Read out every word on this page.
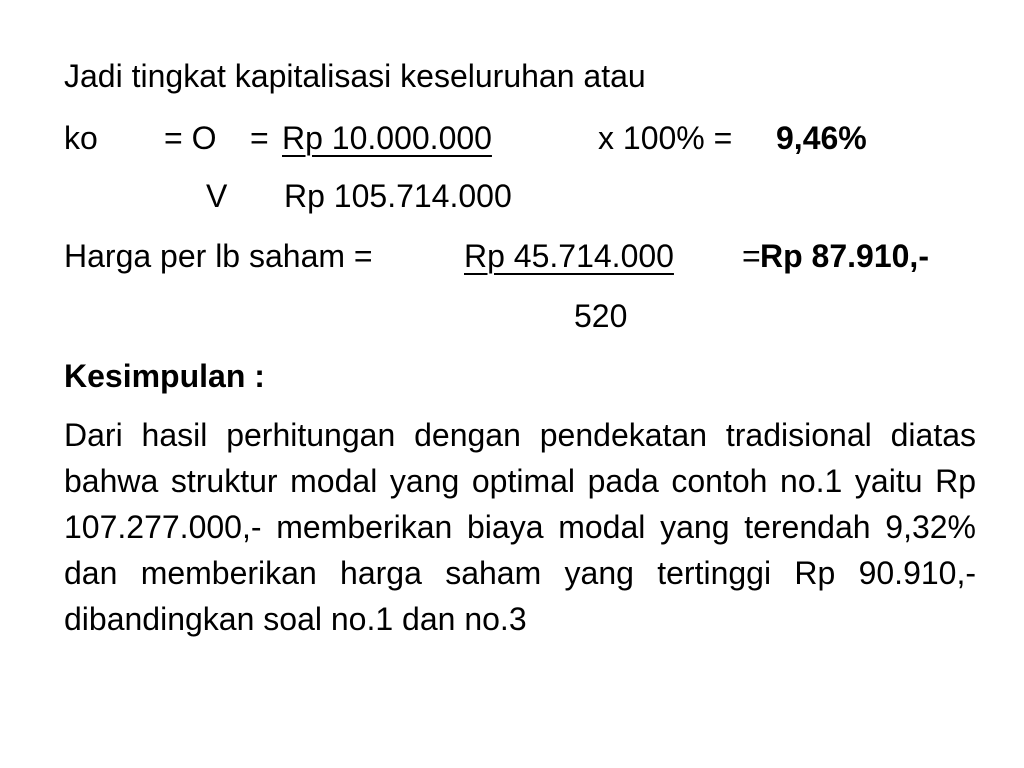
Jadi tingkat kapitalisasi keseluruhan atau
ko = O = Rp 10.000.000	x 100% = 9,46%
V Rp 105.714.000
Harga per lb saham =	Rp 45.714.000	= Rp 87.910,-
520
Kesimpulan :
Dari hasil perhitungan dengan pendekatan tradisional diatas bahwa struktur modal yang optimal pada contoh no.1 yaitu Rp 107.277.000,- memberikan biaya modal yang terendah 9,32% dan memberikan harga saham yang tertinggi Rp 90.910,- dibandingkan soal no.1 dan no.3
